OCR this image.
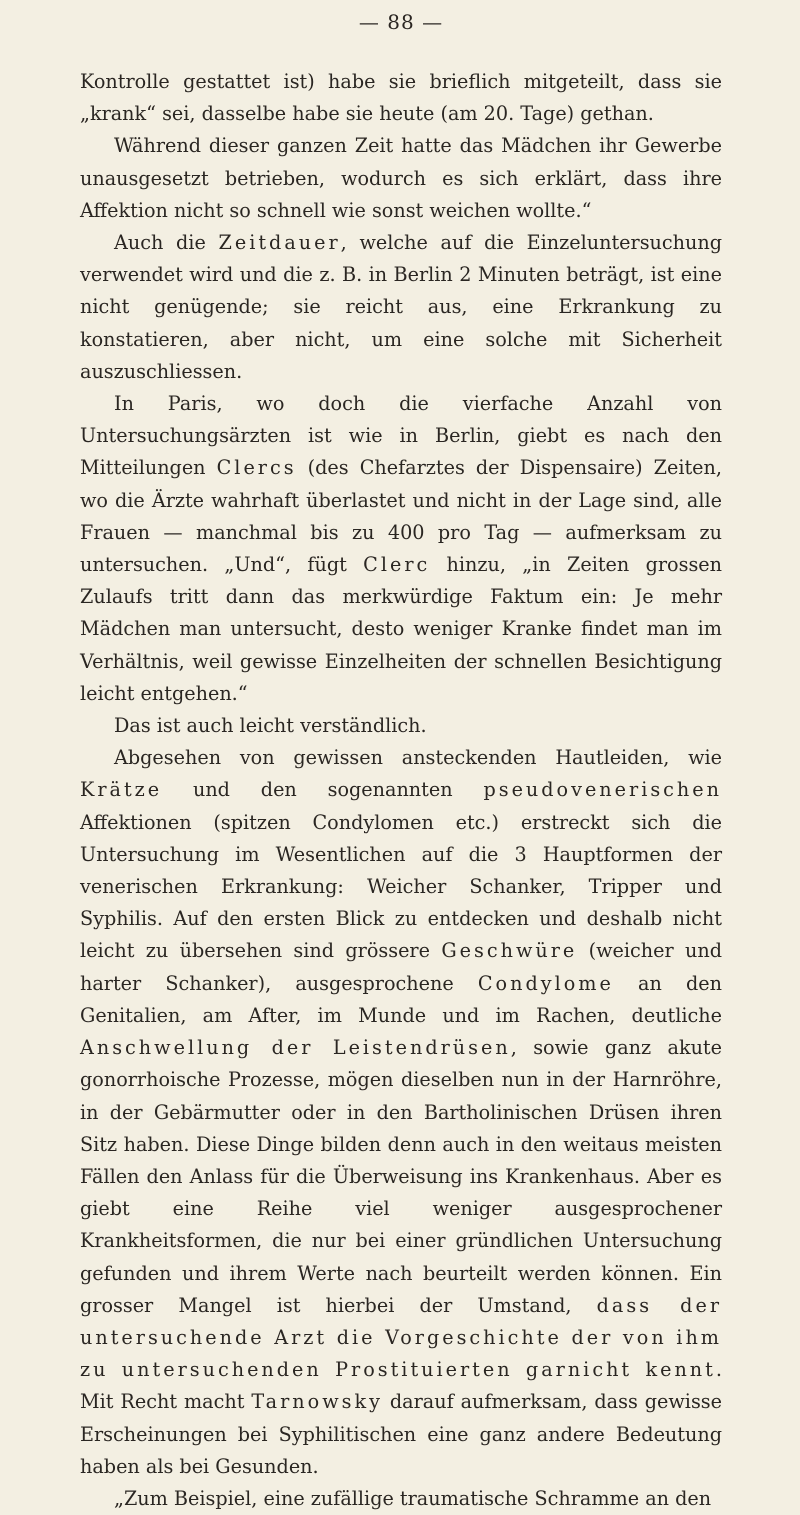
— 88 —

Kontrolle gestattet ist) habe sie brieflich mitgeteilt, dass sie „krank“ sei, dasselbe habe sie heute (am 20. Tage) gethan.

Während dieser ganzen Zeit hatte das Mädchen ihr Gewerbe unausgesetzt betrieben, wodurch es sich erklärt, dass ihre Affektion nicht so schnell wie sonst weichen wollte.“

Auch die Zeitdauer, welche auf die Einzeluntersuchung verwendet wird und die z. B. in Berlin 2 Minuten beträgt, ist eine nicht genügende; sie reicht aus, eine Erkrankung zu konstatieren, aber nicht, um eine solche mit Sicherheit auszuschliessen.

In Paris, wo doch die vierfache Anzahl von Untersuchungsärzten ist wie in Berlin, giebt es nach den Mitteilungen Clercs (des Chefarztes der Dispensaire) Zeiten, wo die Ärzte wahrhaft überlastet und nicht in der Lage sind, alle Frauen — manchmal bis zu 400 pro Tag — aufmerksam zu untersuchen. „Und“, fügt Clerc hinzu, „in Zeiten grossen Zulaufs tritt dann das merkwürdige Faktum ein: Je mehr Mädchen man untersucht, desto weniger Kranke findet man im Verhältnis, weil gewisse Einzelheiten der schnellen Besichtigung leicht entgehen.“

Das ist auch leicht verständlich.

Abgesehen von gewissen ansteckenden Hautleiden, wie Krätze und den sogenannten pseudovenerischen Affektionen (spitzen Condylomen etc.) erstreckt sich die Untersuchung im Wesentlichen auf die 3 Hauptformen der venerischen Erkrankung: Weicher Schanker, Tripper und Syphilis. Auf den ersten Blick zu entdecken und deshalb nicht leicht zu übersehen sind grössere Geschwüre (weicher und harter Schanker), ausgesprochene Condylome an den Genitalien, am After, im Munde und im Rachen, deutliche Anschwellung der Leistendrüsen, sowie ganz akute gonorrhoische Prozesse, mögen dieselben nun in der Harnröhre, in der Gebärmutter oder in den Bartholinischen Drüsen ihren Sitz haben. Diese Dinge bilden denn auch in den weitaus meisten Fällen den Anlass für die Überweisung ins Krankenhaus. Aber es giebt eine Reihe viel weniger ausgesprochener Krankheitsformen, die nur bei einer gründlichen Untersuchung gefunden und ihrem Werte nach beurteilt werden können. Ein grosser Mangel ist hierbei der Umstand, dass der untersuchende Arzt die Vorgeschichte der von ihm zu untersuchenden Prostituierten garnicht kennt. Mit Recht macht Tarnowsky darauf aufmerksam, dass gewisse Erscheinungen bei Syphilitischen eine ganz andere Bedeutung haben als bei Gesunden.

„Zum Beispiel, eine zufällige traumatische Schramme an den
